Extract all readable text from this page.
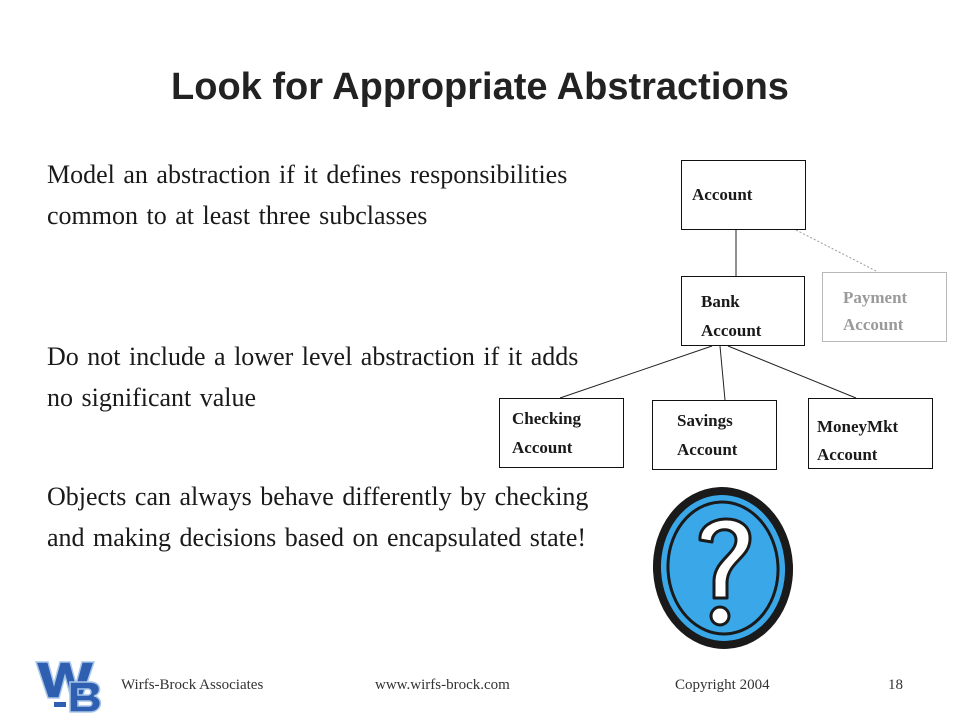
Look for Appropriate Abstractions
Model an abstraction if it defines responsibilities common to at least three subclasses
Do not include a lower level abstraction if it adds no significant value
Objects can always behave differently by checking and making decisions based on encapsulated state!
Account
Bank
Account
Payment
Account
Checking
Account
Savings
Account
MoneyMkt
Account
Wirfs-Brock Associates	www.wirfs-brock.com	Copyright 2004	18
